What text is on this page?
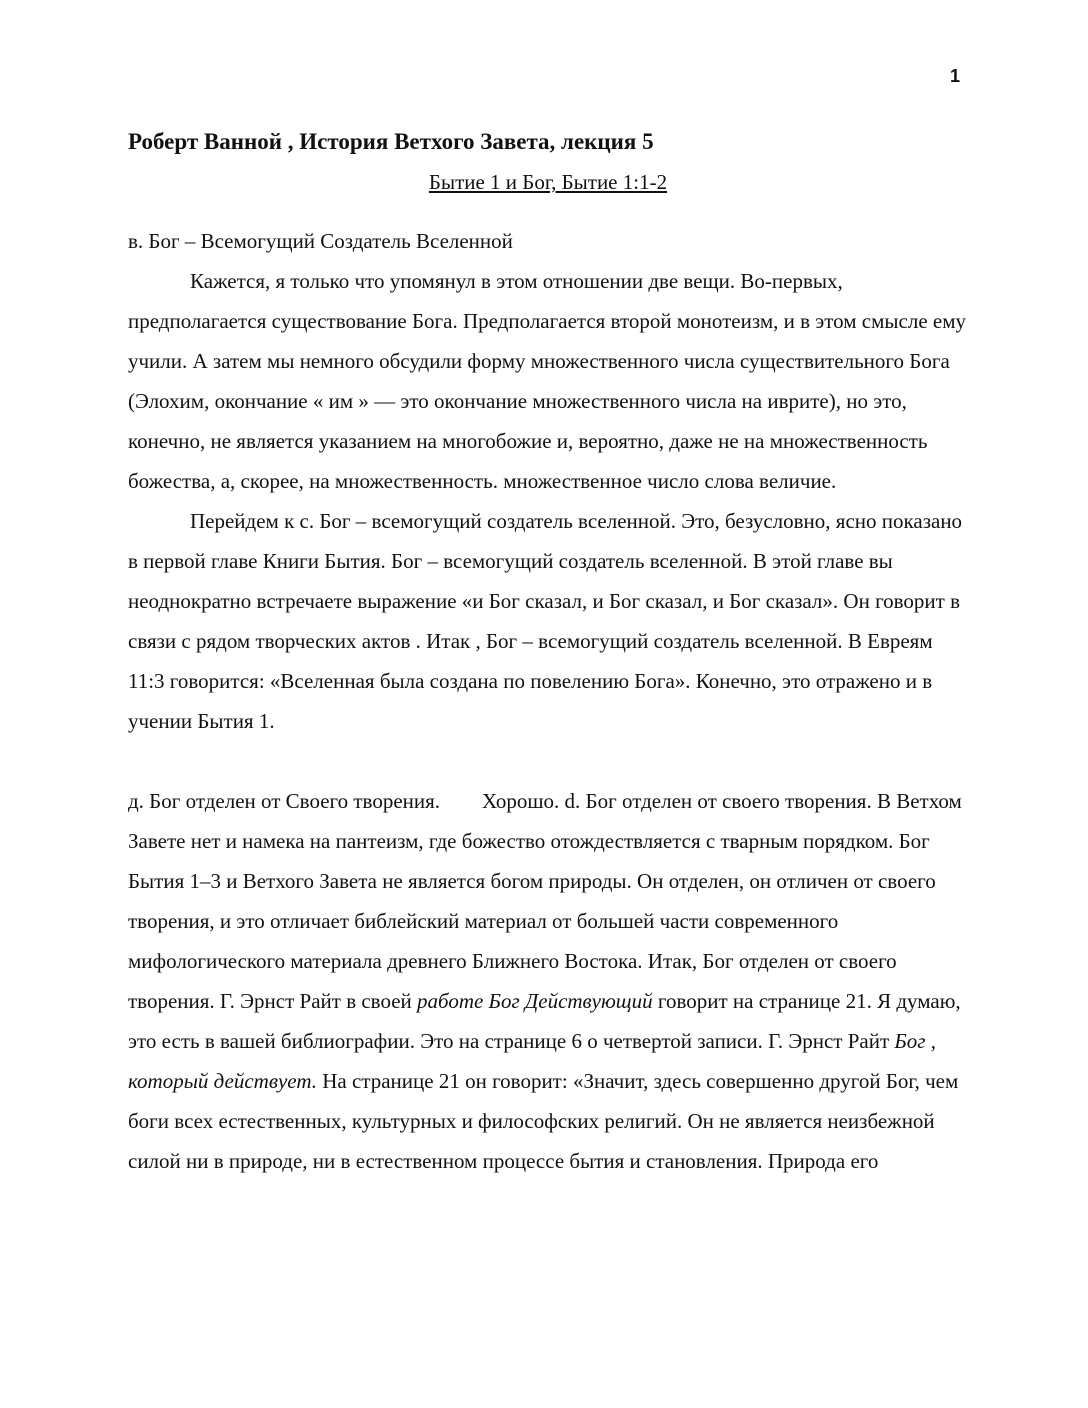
1

Роберт Ванной , История Ветхого Завета, лекция 5

Бытие 1 и Бог, Бытие 1:1-2

в. Бог – Всемогущий Создатель Вселенной

Кажется, я только что упомянул в этом отношении две вещи. Во-первых, предполагается существование Бога. Предполагается второй монотеизм, и в этом смысле ему учили. А затем мы немного обсудили форму множественного числа существительного Бога (Элохим, окончание « им » — это окончание множественного числа на иврите), но это, конечно, не является указанием на многобожие и, вероятно, даже не на множественность божества, а, скорее, на множественность. множественное число слова величие.

Перейдем к с. Бог – всемогущий создатель вселенной. Это, безусловно, ясно показано в первой главе Книги Бытия. Бог – всемогущий создатель вселенной. В этой главе вы неоднократно встречаете выражение «и Бог сказал, и Бог сказал, и Бог сказал». Он говорит в связи с рядом творческих актов . Итак , Бог – всемогущий создатель вселенной. В Евреям 11:3 говорится: «Вселенная была создана по повелению Бога». Конечно, это отражено и в учении Бытия 1.

д. Бог отделен от Своего творения. Хорошо. d. Бог отделен от своего творения. В Ветхом Завете нет и намека на пантеизм, где божество отождествляется с тварным порядком. Бог Бытия 1–3 и Ветхого Завета не является богом природы. Он отделен, он отличен от своего творения, и это отличает библейский материал от большей части современного мифологического материала древнего Ближнего Востока. Итак, Бог отделен от своего творения. Г. Эрнст Райт в своей работе Бог Действующий говорит на странице 21. Я думаю, это есть в вашей библиографии. Это на странице 6 о четвертой записи. Г. Эрнст Райт Бог , который действует. На странице 21 он говорит: «Значит, здесь совершенно другой Бог, чем боги всех естественных, культурных и философских религий. Он не является неизбежной силой ни в природе, ни в естественном процессе бытия и становления. Природа его
